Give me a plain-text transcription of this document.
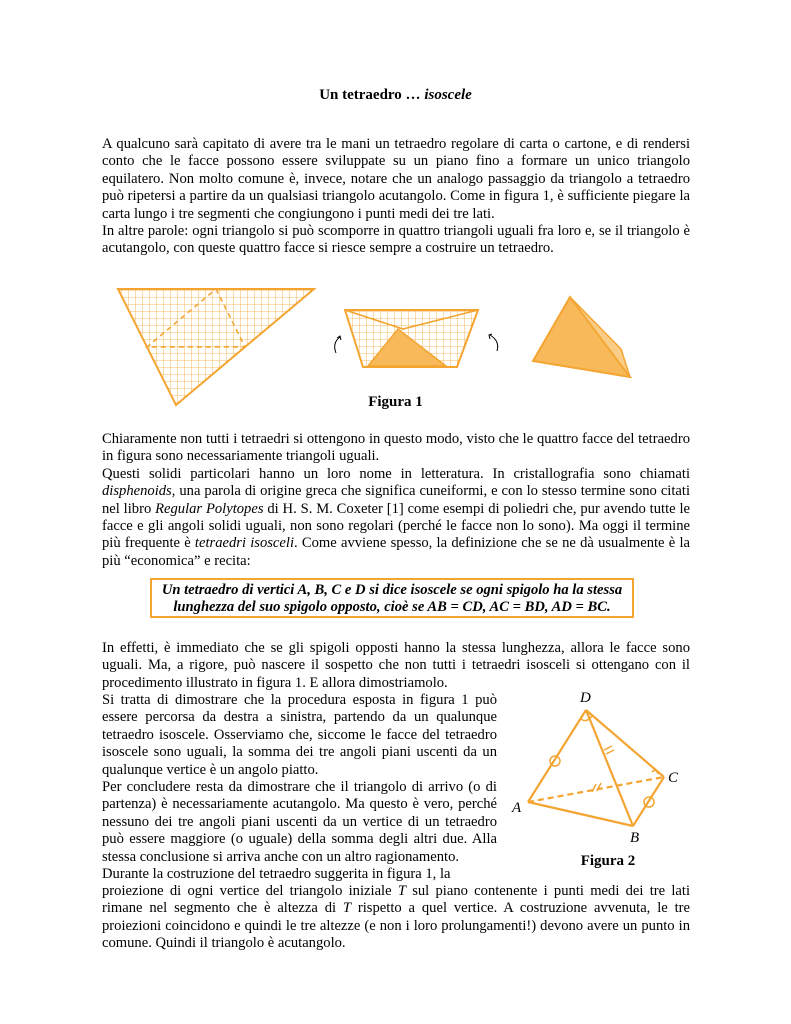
Un tetraedro … isoscele

A qualcuno sarà capitato di avere tra le mani un tetraedro regolare di carta o cartone, e di rendersi conto che le facce possono essere sviluppate su un piano fino a formare un unico triangolo equilatero. Non molto comune è, invece, notare che un analogo passaggio da triangolo a tetraedro può ripetersi a partire da un qualsiasi triangolo acutangolo. Come in figura 1, è sufficiente piegare la carta lungo i tre segmenti che congiungono i punti medi dei tre lati.

In altre parole: ogni triangolo si può scomporre in quattro triangoli uguali fra loro e, se il triangolo è acutangolo, con queste quattro facce si riesce sempre a costruire un tetraedro.

Figura 1

Chiaramente non tutti i tetraedri si ottengono in questo modo, visto che le quattro facce del tetraedro in figura sono necessariamente triangoli uguali.

Questi solidi particolari hanno un loro nome in letteratura. In cristallografia sono chiamati disphenoids, una parola di origine greca che significa cuneiformi, e con lo stesso termine sono citati nel libro Regular Polytopes di H. S. M. Coxeter [1] come esempi di poliedri che, pur avendo tutte le facce e gli angoli solidi uguali, non sono regolari (perché le facce non lo sono). Ma oggi il termine più frequente è tetraedri isosceli. Come avviene spesso, la definizione che se ne dà usualmente è la più “economica” e recita:

Un tetraedro di vertici A, B, C e D si dice isoscele se ogni spigolo ha la stessa
lunghezza del suo spigolo opposto, cioè se AB = CD, AC = BD, AD = BC.

In effetti, è immediato che se gli spigoli opposti hanno la stessa lunghezza, allora le facce sono uguali. Ma, a rigore, può nascere il sospetto che non tutti i tetraedri isosceli si ottengano con il procedimento illustrato in figura 1. E allora dimostriamolo.

Si tratta di dimostrare che la procedura esposta in figura 1 può essere percorsa da destra a sinistra, partendo da un qualunque tetraedro isoscele. Osserviamo che, siccome le facce del tetraedro isoscele sono uguali, la somma dei tre angoli piani uscenti da un qualunque vertice è un angolo piatto.

Per concludere resta da dimostrare che il triangolo di arrivo (o di partenza) è necessariamente acutangolo. Ma questo è vero, perché nessuno dei tre angoli piani uscenti da un vertice di un tetraedro può essere maggiore (o uguale) della somma degli altri due. Alla stessa conclusione si arriva anche con un altro ragionamento.

Durante la costruzione del tetraedro suggerita in figura 1, la

proiezione di ogni vertice del triangolo iniziale T sul piano contenente i punti medi dei tre lati rimane nel segmento che è altezza di T rispetto a quel vertice. A costruzione avvenuta, le tre proiezioni coincidono e quindi le tre altezze (e non i loro prolungamenti!) devono avere un punto in comune. Quindi il triangolo è acutangolo.

D
A
B
C
Figura 2
